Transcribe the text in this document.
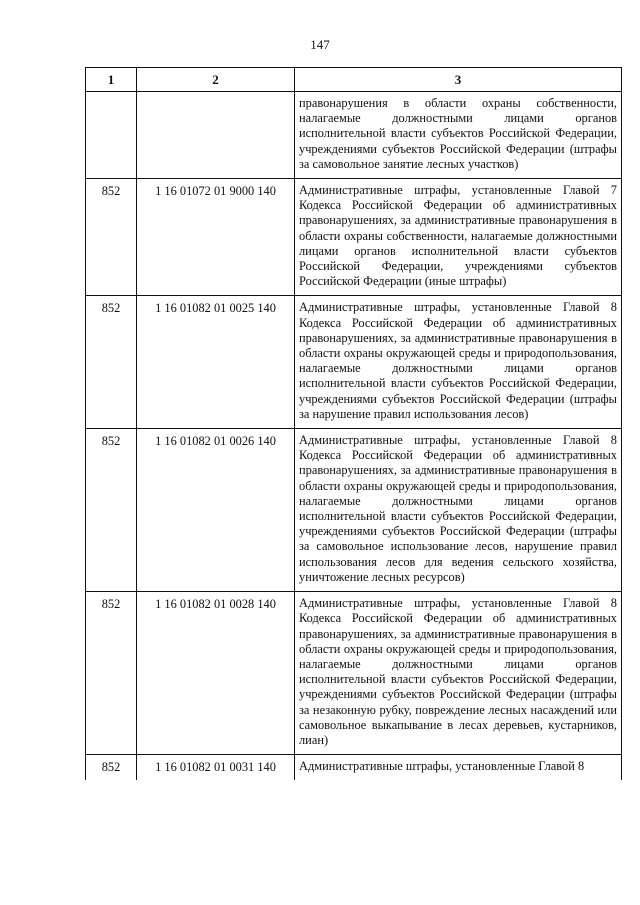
147
1	2	3
		правонарушения в области охраны собственности, налагаемые должностными лицами органов исполнительной власти субъектов Российской Федерации, учреждениями субъектов Российской Федерации (штрафы за самовольное занятие лесных участков)
852	1 16 01072 01 9000 140	Административные штрафы, установленные Главой 7 Кодекса Российской Федерации об административных правонарушениях, за административные правонарушения в области охраны собственности, налагаемые должностными лицами органов исполнительной власти субъектов Российской Федерации, учреждениями субъектов Российской Федерации (иные штрафы)
852	1 16 01082 01 0025 140	Административные штрафы, установленные Главой 8 Кодекса Российской Федерации об административных правонарушениях, за административные правонарушения в области охраны окружающей среды и природопользования, налагаемые должностными лицами органов исполнительной власти субъектов Российской Федерации, учреждениями субъектов Российской Федерации (штрафы за нарушение правил использования лесов)
852	1 16 01082 01 0026 140	Административные штрафы, установленные Главой 8 Кодекса Российской Федерации об административных правонарушениях, за административные правонарушения в области охраны окружающей среды и природопользования, налагаемые должностными лицами органов исполнительной власти субъектов Российской Федерации, учреждениями субъектов Российской Федерации (штрафы за самовольное использование лесов, нарушение правил использования лесов для ведения сельского хозяйства, уничтожение лесных ресурсов)
852	1 16 01082 01 0028 140	Административные штрафы, установленные Главой 8 Кодекса Российской Федерации об административных правонарушениях, за административные правонарушения в области охраны окружающей среды и природопользования, налагаемые должностными лицами органов исполнительной власти субъектов Российской Федерации, учреждениями субъектов Российской Федерации (штрафы за незаконную рубку, повреждение лесных насаждений или самовольное выкапывание в лесах деревьев, кустарников, лиан)
852	1 16 01082 01 0031 140	Административные штрафы, установленные Главой 8
